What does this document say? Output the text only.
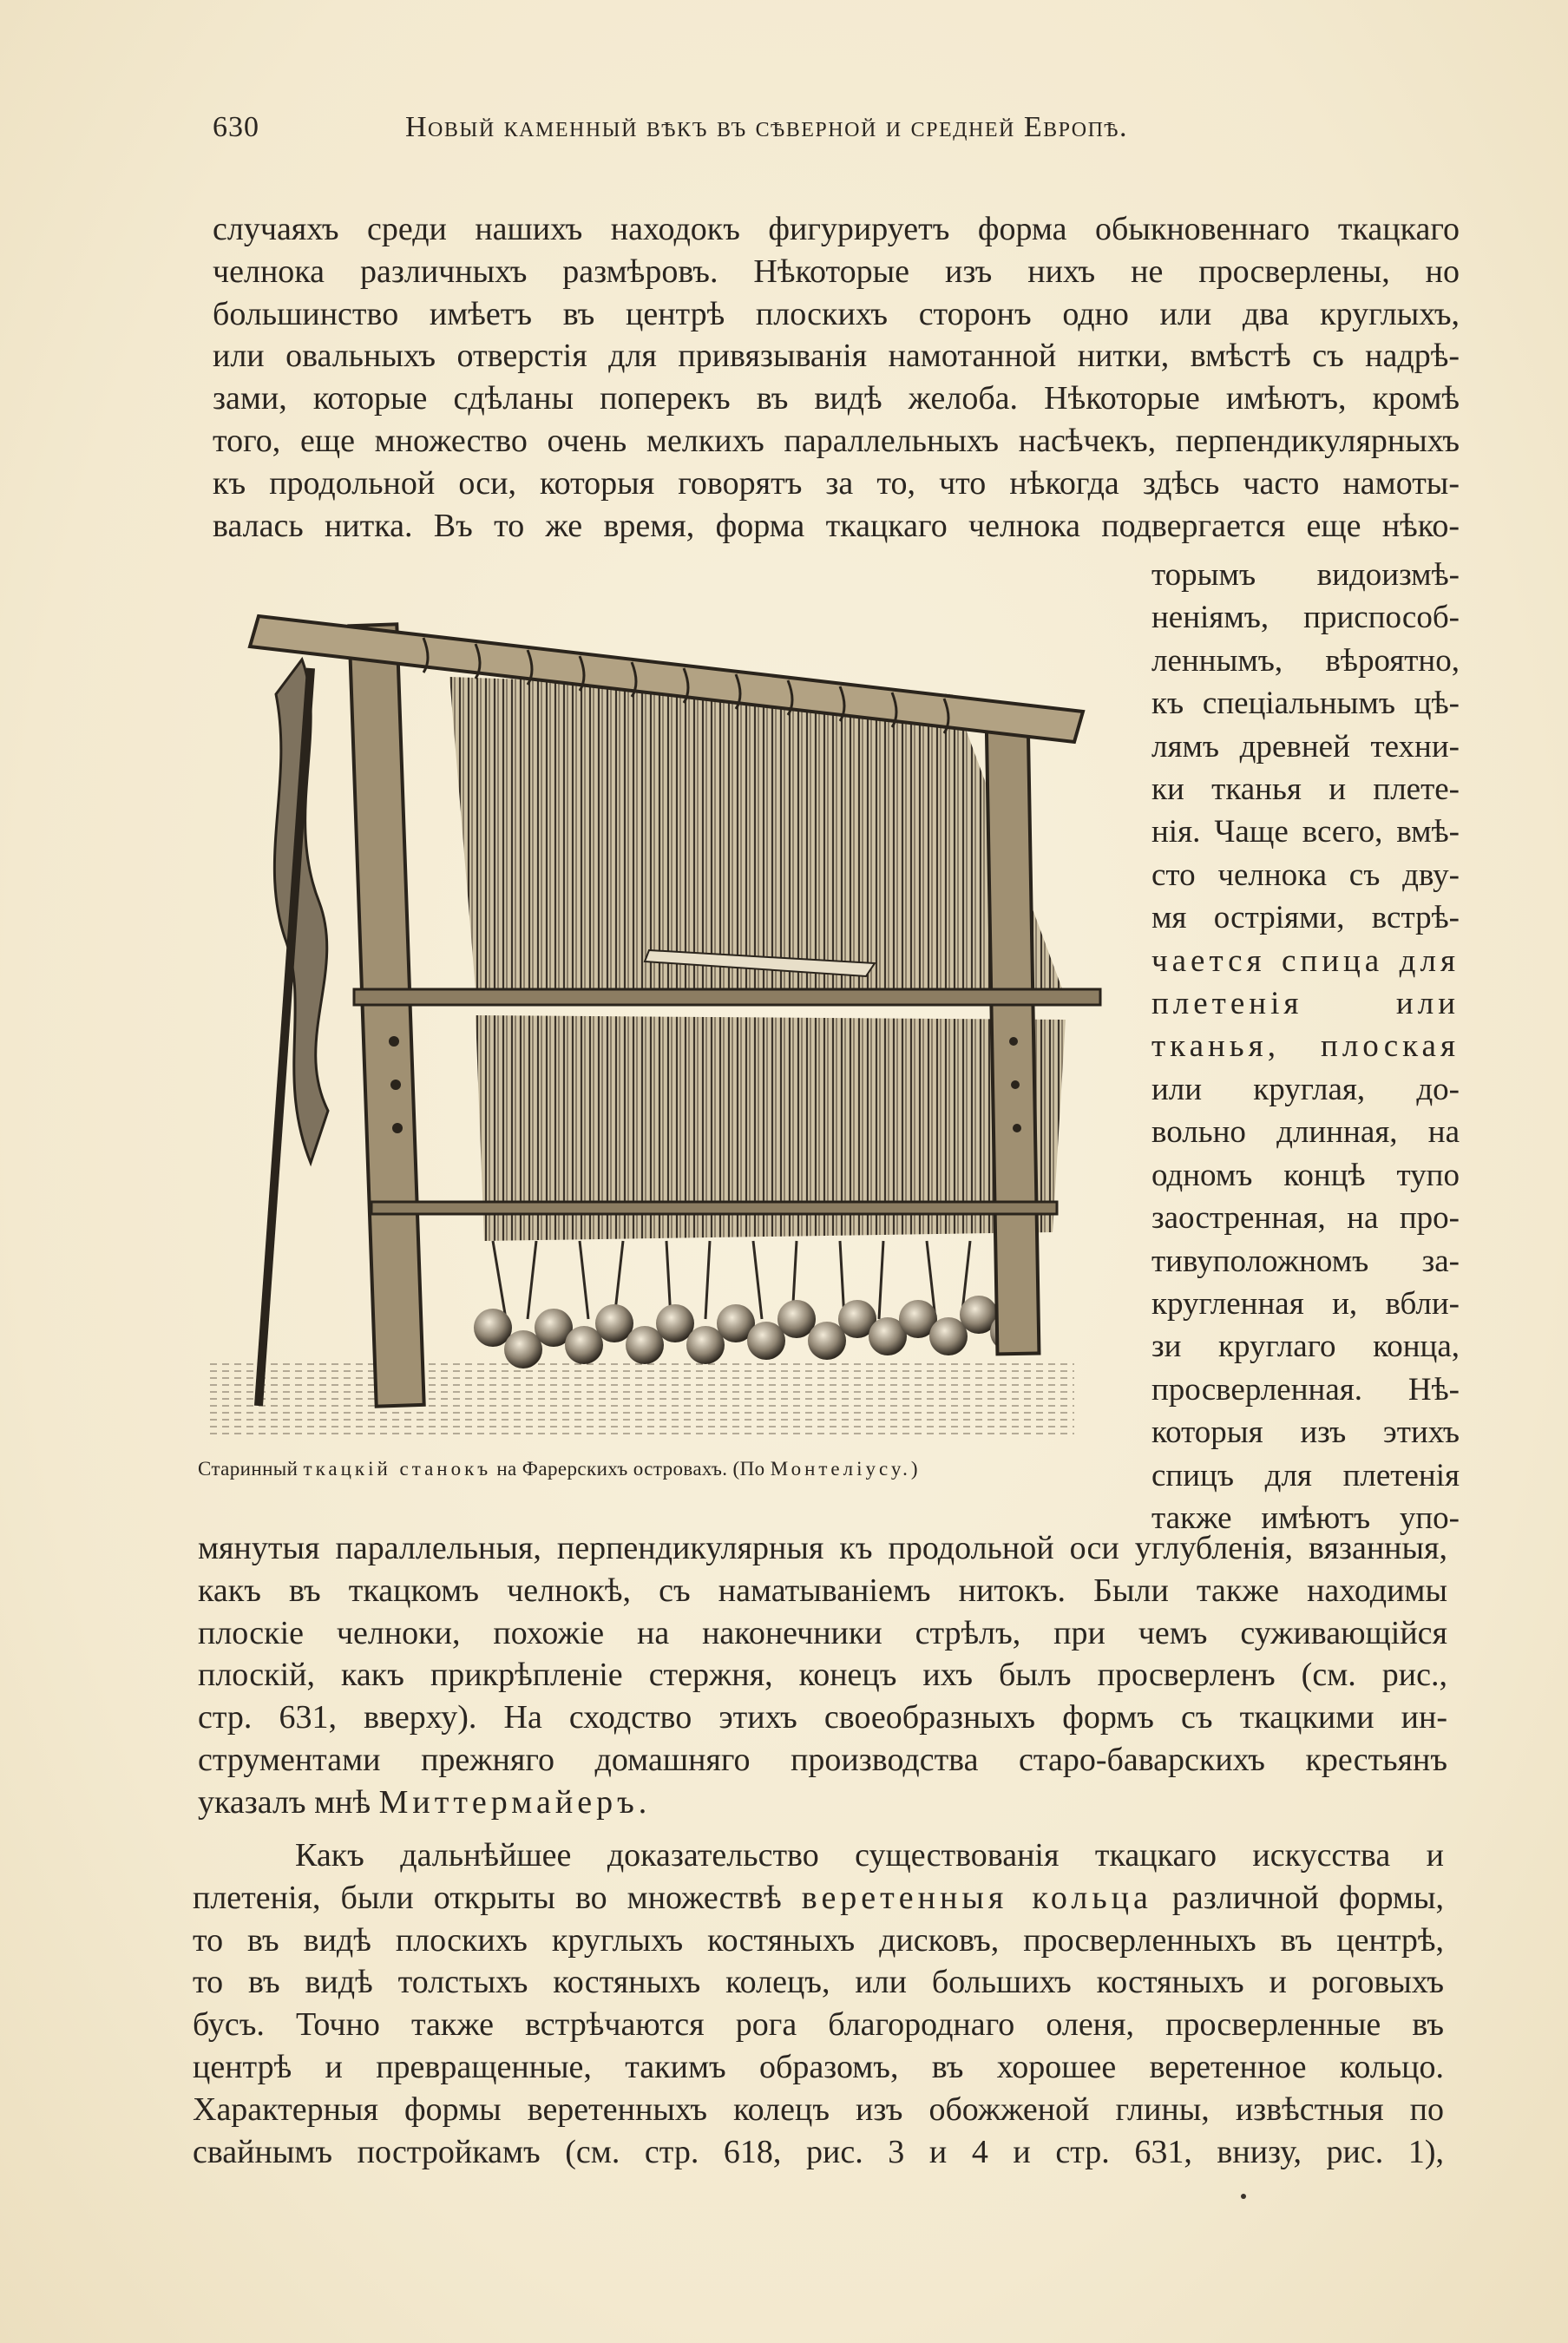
630	Новый каменный вѣкъ въ сѣверной и средней Европѣ.
случаяхъ среди нашихъ находокъ фигурируетъ форма обыкновеннаго ткацкаго
челнока различныхъ размѣровъ. Нѣкоторые изъ нихъ не просверлены, но
большинство имѣетъ въ центрѣ плоскихъ сторонъ одно или два круглыхъ,
или овальныхъ отверстія для привязыванія намотанной нитки, вмѣстѣ съ надрѣ-
зами, которые сдѣланы поперекъ въ видѣ желоба. Нѣкоторые имѣютъ, кромѣ
того, еще множество очень мелкихъ параллельныхъ насѣчекъ, перпендикулярныхъ
къ продольной оси, которыя говорятъ за то, что нѣкогда здѣсь часто намоты-
валась нитка. Въ то же время, форма ткацкаго челнока подвергается еще нѣко-
Старинный ткацкій станокъ на Фарерскихъ островахъ. (По Монтеліусу.)
торымъ видоизмѣ-
неніямъ, приспособ-
леннымъ, вѣроятно,
къ спеціальнымъ цѣ-
лямъ древней техни-
ки тканья и плете-
нія. Чаще всего, вмѣ-
сто челнока съ дву-
мя остріями, встрѣ-
чается спица для
плетенія или
тканья, плоская
или круглая, до-
вольно длинная, на
одномъ концѣ тупо
заостренная, на про-
тивуположномъ за-
кругленная и, вбли-
зи круглаго конца,
просверленная. Нѣ-
которыя изъ этихъ
спицъ для плетенія
также имѣютъ упо-
мянутыя параллельныя, перпендикулярныя къ продольной оси углубленія, вязанныя,
какъ въ ткацкомъ челнокѣ, съ наматываніемъ нитокъ. Были также находимы
плоскіе челноки, похожіе на наконечники стрѣлъ, при чемъ суживающійся
плоскій, какъ прикрѣпленіе стержня, конецъ ихъ былъ просверленъ (см. рис.,
стр. 631, вверху). На сходство этихъ своеобразныхъ формъ съ ткацкими ин-
струментами прежняго домашняго производства старо-баварскихъ крестьянъ
указалъ мнѣ Миттермайеръ.
Какъ дальнѣйшее доказательство существованія ткацкаго искусства и
плетенія, были открыты во множествѣ веретенныя кольца различной формы,
то въ видѣ плоскихъ круглыхъ костяныхъ дисковъ, просверленныхъ въ центрѣ,
то въ видѣ толстыхъ костяныхъ колецъ, или большихъ костяныхъ и роговыхъ
бусъ. Точно также встрѣчаются рога благороднаго оленя, просверленные въ
центрѣ и превращенные, такимъ образомъ, въ хорошее веретенное кольцо.
Характерныя формы веретенныхъ колецъ изъ обожженой глины, извѣстныя по
свайнымъ постройкамъ (см. стр. 618, рис. 3 и 4 и стр. 631, внизу, рис. 1),
